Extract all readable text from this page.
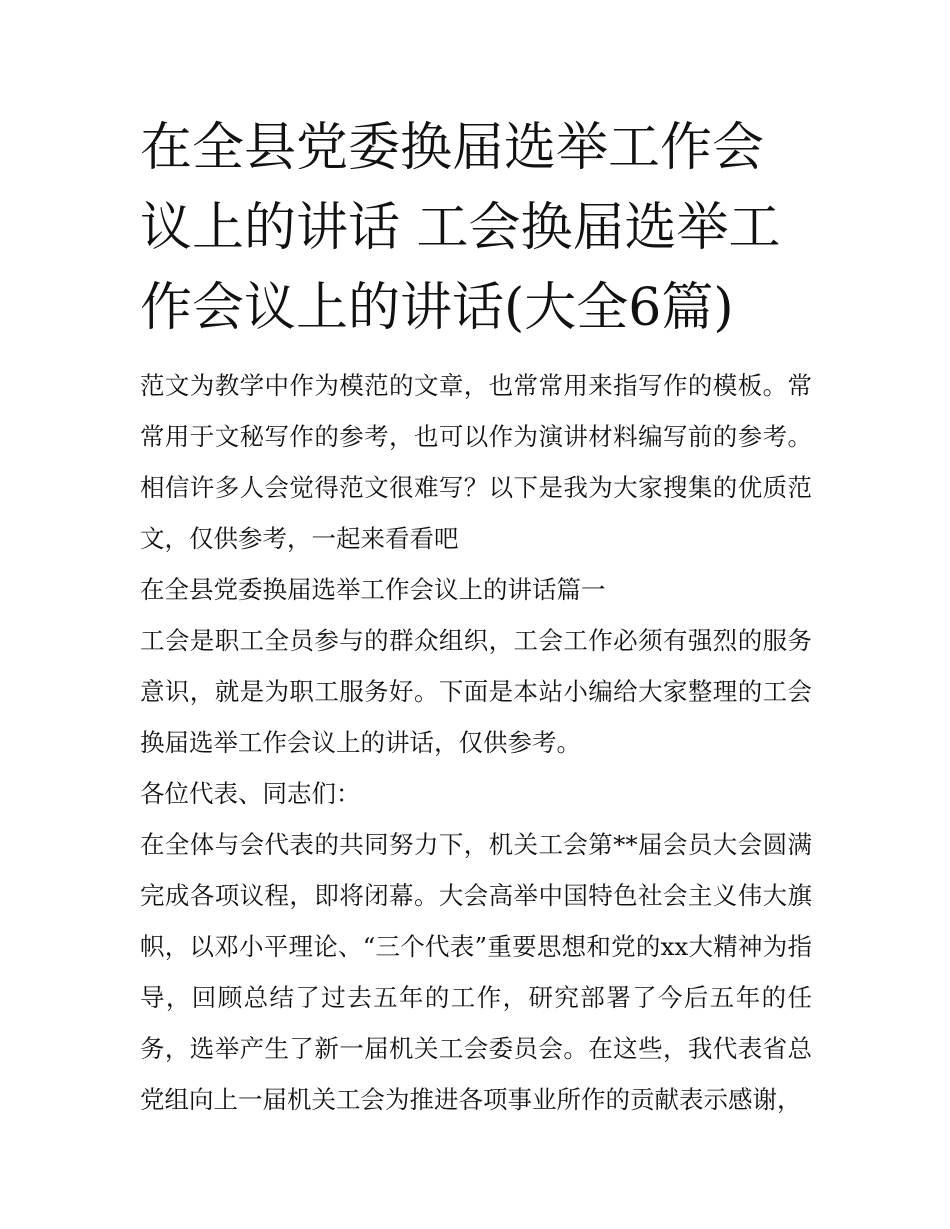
在全县党委换届选举工作会议上的讲话 工会换届选举工作会议上的讲话(大全6篇)

范文为教学中作为模范的文章，也常常用来指写作的模板。常常用于文秘写作的参考，也可以作为演讲材料编写前的参考。相信许多人会觉得范文很难写？以下是我为大家搜集的优质范文，仅供参考，一起来看看吧

在全县党委换届选举工作会议上的讲话篇一

工会是职工全员参与的群众组织，工会工作必须有强烈的服务意识，就是为职工服务好。下面是本站小编给大家整理的工会换届选举工作会议上的讲话，仅供参考。

各位代表、同志们：

在全体与会代表的共同努力下，机关工会第**届会员大会圆满完成各项议程，即将闭幕。大会高举中国特色社会主义伟大旗帜，以邓小平理论、“三个代表”重要思想和党的xx大精神为指导，回顾总结了过去五年的工作，研究部署了今后五年的任务，选举产生了新一届机关工会委员会。在这些，我代表省总党组向上一届机关工会为推进各项事业所作的贡献表示感谢，
